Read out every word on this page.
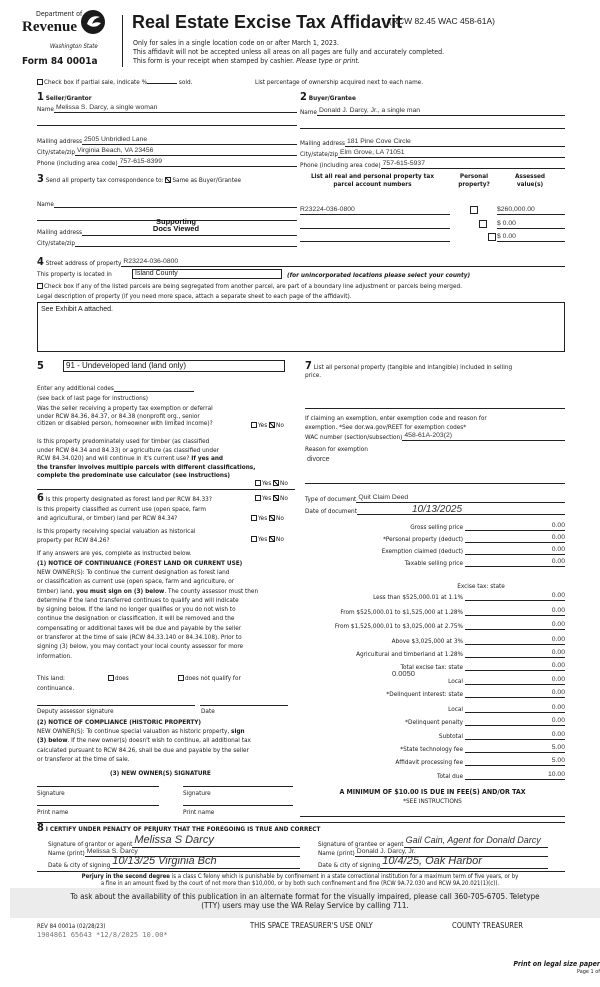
Department of
Revenue
Washington State
Form 84 0001a
Real Estate Excise Tax Affidavit
(RCW 82.45 WAC 458-61A)
Only for sales in a single location code on or after March 1, 2023.
This affidavit will not be accepted unless all areas on all pages are fully and accurately completed.
This form is your receipt when stamped by cashier. Please type or print.
Check box if partial sale, indicate %	sold.	List percentage of ownership acquired next to each name.
1 Seller/Grantor
Name Melissa S. Darcy, a single woman
Mailing address 2505 Unbridled Lane
City/state/zip Virginia Beach, VA 23456
Phone (including area code) 757-615-8399
2 Buyer/Grantee
Name Donald J. Darcy, Jr., a single man
Mailing address 181 Pine Cove Circle
City/state/zip Elm Grove, LA 71051
Phone (including area code) 757-615-5937
3 Send all property tax correspondence to: Same as Buyer/Grantee
Name
Mailing address
City/state/zip
Supporting Docs Viewed
List all real and personal property tax parcel account numbers
Personal property?
Assessed value(s)
R23224-036-0800	$260,000.00
$ 0.00
$ 0.00
4 Street address of property R23224-036-0800
This property is located in	Island County	(for unincorporated locations please select your county)
Check box if any of the listed parcels are being segregated from another parcel, are part of a boundary line adjustment or parcels being merged.
Legal description of property (if you need more space, attach a separate sheet to each page of the affidavit).
See Exhibit A attached.
5	91 - Undeveloped land (land only)
Enter any additional codes
(see back of last page for instructions)
Was the seller receiving a property tax exemption or deferral
under RCW 84.36, 84.37, or 84.38 (nonprofit org., senior
citizen or disabled person, homeowner with limited income)?	Yes No
Is this property predominately used for timber (as classified
under RCW 84.34 and 84.33) or agriculture (as classified under
RCW 84.34.020) and will continue in it's current use? If yes and
the transfer involves multiple parcels with different classifications,
complete the predominate use calculator (see instructions)
Yes No
6 Is this property designated as forest land per RCW 84.33?	Yes No
Is this property classified as current use (open space, farm
and agricultural, or timber) land per RCW 84.34?	Yes No
Is this property receiving special valuation as historical
property per RCW 84.26?	Yes No
If any answers are yes, complete as instructed below.
(1) NOTICE OF CONTINUANCE (FOREST LAND OR CURRENT USE)
NEW OWNER(S): To continue the current designation as forest land
or classification as current use (open space, farm and agriculture, or
timber) land, you must sign on (3) below. The county assessor must then
determine if the land transferred continues to qualify and will indicate
by signing below. If the land no longer qualifies or you do not wish to
continue the designation or classification, it will be removed and the
compensating or additional taxes will be due and payable by the seller
or transferor at the time of sale (RCW 84.33.140 or 84.34.108). Prior to
signing (3) below, you may contact your local county assessor for more
information.
This land:	does	does not qualify for
continuance.
Deputy assessor signature	Date
(2) NOTICE OF COMPLIANCE (HISTORIC PROPERTY)
NEW OWNER(S): To continue special valuation as historic property, sign
(3) below. If the new owner(s) doesn't wish to continue, all additional tax
calculated pursuant to RCW 84.26, shall be due and payable by the seller
or transferor at the time of sale.
(3) NEW OWNER(S) SIGNATURE
Signature	Signature
Print name	Print name
7 List all personal property (tangible and intangible) included in selling
price.
If claiming an exemption, enter exemption code and reason for
exemption. *See dor.wa.gov/REET for exemption codes*
WAC number (section/subsection) 458-61A-203(2)
Reason for exemption
divorce
Type of document Quit Claim Deed
Date of document	10/13/2025
Gross selling price	0.00
*Personal property (deduct)	0.00
Exemption claimed (deduct)	0.00
Taxable selling price	0.00
Excise tax: state
Less than $525,000.01 at 1.1%	0.00
From $525,000.01 to $1,525,000 at 1.28%	0.00
From $1,525,000.01 to $3,025,000 at 2.75%	0.00
Above $3,025,000 at 3%	0.00
Agricultural and timberland at 1.28%	0.00
Total excise tax: state	0.00
Local	0.00
*Delinquent interest: state	0.00
Local	0.00
*Delinquent penalty	0.00
Subtotal	0.00
*State technology fee	5.00
Affidavit processing fee	5.00
Total due	10.00
0.0050
A MINIMUM OF $10.00 IS DUE IN FEE(S) AND/OR TAX
*SEE INSTRUCTIONS
8 I CERTIFY UNDER PENALTY OF PERJURY THAT THE FOREGOING IS TRUE AND CORRECT
Signature of grantor or agent Melissa S Darcy
Name (print) Melissa S. Darcy
Date & city of signing 10/13/25 Virginia Bch
Signature of grantee or agent Gail Cain, Agent for Donald Darcy
Name (print) Donald J. Darcy, Jr.
Date & city of signing 10/4/25, Oak Harbor
Perjury in the second degree is a class C felony which is punishable by confinement in a state correctional institution for a maximum term of five years, or by
a fine in an amount fixed by the court of not more than $10,000, or by both such confinement and fine (RCW 9A.72.030 and RCW 9A.20.021(1)(c)).
To ask about the availability of this publication in an alternate format for the visually impaired, please call 360-705-6705. Teletype
(TTY) users may use the WA Relay Service by calling 711.
REV 84 0001a (02/28/23)	THIS SPACE TREASURER'S USE ONLY	COUNTY TREASURER
1904861 65643 *12/8/2025 10.00*
Print on legal size paper
Page 1 of
